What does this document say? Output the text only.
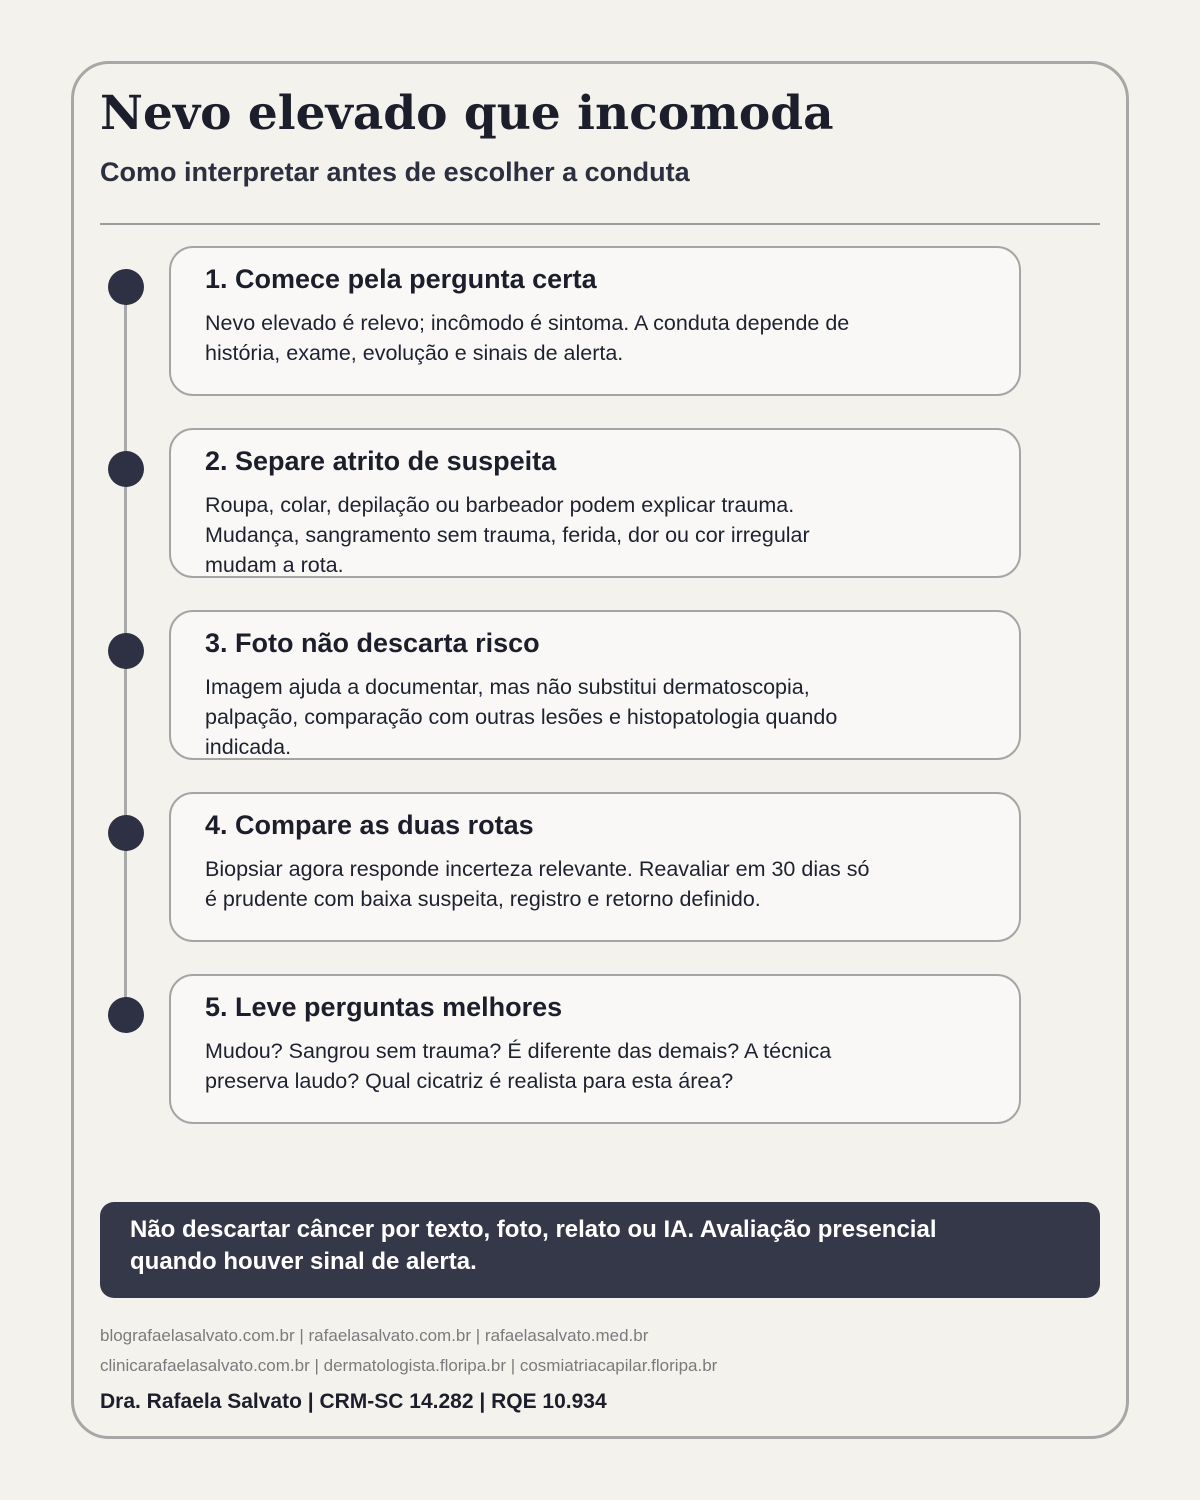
Nevo elevado que incomoda
Como interpretar antes de escolher a conduta
1. Comece pela pergunta certa
Nevo elevado é relevo; incômodo é sintoma. A conduta depende de história, exame, evolução e sinais de alerta.
2. Separe atrito de suspeita
Roupa, colar, depilação ou barbeador podem explicar trauma. Mudança, sangramento sem trauma, ferida, dor ou cor irregular mudam a rota.
3. Foto não descarta risco
Imagem ajuda a documentar, mas não substitui dermatoscopia, palpação, comparação com outras lesões e histopatologia quando indicada.
4. Compare as duas rotas
Biopsiar agora responde incerteza relevante. Reavaliar em 30 dias só é prudente com baixa suspeita, registro e retorno definido.
5. Leve perguntas melhores
Mudou? Sangrou sem trauma? É diferente das demais? A técnica preserva laudo? Qual cicatriz é realista para esta área?
Não descartar câncer por texto, foto, relato ou IA. Avaliação presencial quando houver sinal de alerta.
blografaelasalvato.com.br | rafaelasalvato.com.br | rafaelasalvato.med.br
clinicarafaelasalvato.com.br | dermatologista.floripa.br | cosmiatriacapilar.floripa.br
Dra. Rafaela Salvato | CRM-SC 14.282 | RQE 10.934
